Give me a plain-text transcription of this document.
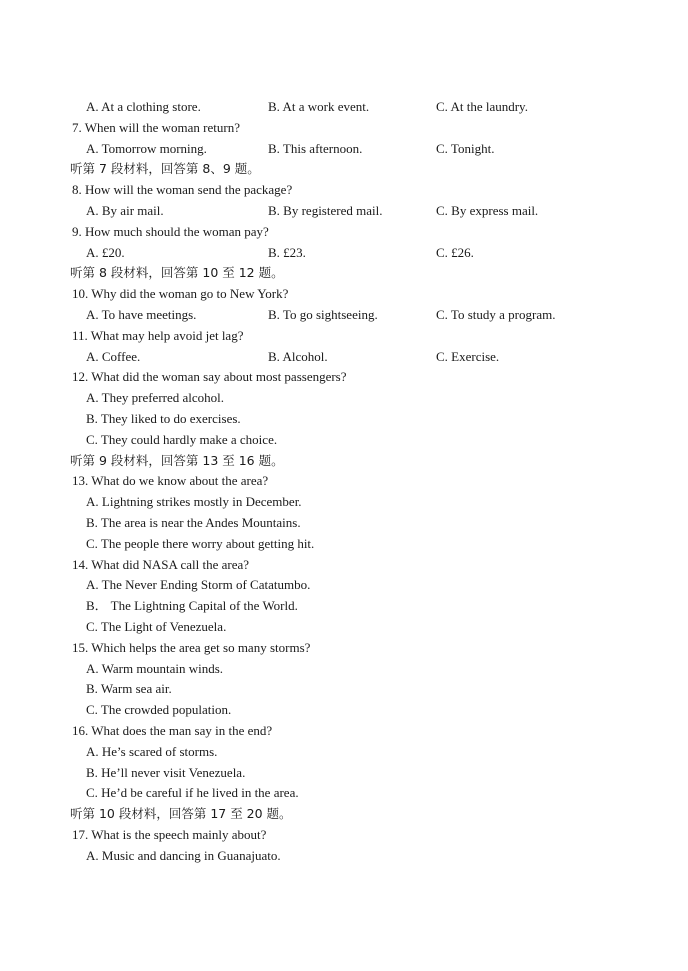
A. At a clothing store.	B. At a work event.	C. At the laundry.
7. When will the woman return?
A. Tomorrow morning.	B. This afternoon.	C. Tonight.
听第 7 段材料，回答第 8、9 题。
8. How will the woman send the package?
A. By air mail.	B. By registered mail.	C. By express mail.
9. How much should the woman pay?
A. £20.	B. £23.	C. £26.
听第 8 段材料，回答第 10 至 12 题。
10. Why did the woman go to New York?
A. To have meetings.	B. To go sightseeing.	C. To study a program.
11. What may help avoid jet lag?
A. Coffee.	B. Alcohol.	C. Exercise.
12. What did the woman say about most passengers?
A. They preferred alcohol.
B. They liked to do exercises.
C. They could hardly make a choice.
听第 9 段材料，回答第 13 至 16 题。
13. What do we know about the area?
A. Lightning strikes mostly in December.
B. The area is near the Andes Mountains.
C. The people there worry about getting hit.
14. What did NASA call the area?
A. The Never Ending Storm of Catatumbo.
B． The Lightning Capital of the World.
C. The Light of Venezuela.
15. Which helps the area get so many storms?
A. Warm mountain winds.
B. Warm sea air.
C. The crowded population.
16. What does the man say in the end?
A. He’s scared of storms.
B. He’ll never visit Venezuela.
C. He’d be careful if he lived in the area.
听第 10 段材料，回答第 17 至 20 题。
17. What is the speech mainly about?
A. Music and dancing in Guanajuato.
